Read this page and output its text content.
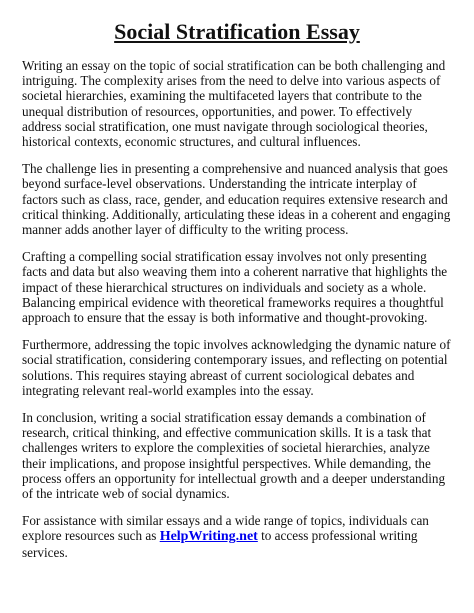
Social Stratification Essay

Writing an essay on the topic of social stratification can be both challenging and intriguing. The complexity arises from the need to delve into various aspects of societal hierarchies, examining the multifaceted layers that contribute to the unequal distribution of resources, opportunities, and power. To effectively address social stratification, one must navigate through sociological theories, historical contexts, economic structures, and cultural influences.

The challenge lies in presenting a comprehensive and nuanced analysis that goes beyond surface-level observations. Understanding the intricate interplay of factors such as class, race, gender, and education requires extensive research and critical thinking. Additionally, articulating these ideas in a coherent and engaging manner adds another layer of difficulty to the writing process.

Crafting a compelling social stratification essay involves not only presenting facts and data but also weaving them into a coherent narrative that highlights the impact of these hierarchical structures on individuals and society as a whole. Balancing empirical evidence with theoretical frameworks requires a thoughtful approach to ensure that the essay is both informative and thought-provoking.

Furthermore, addressing the topic involves acknowledging the dynamic nature of social stratification, considering contemporary issues, and reflecting on potential solutions. This requires staying abreast of current sociological debates and integrating relevant real-world examples into the essay.

In conclusion, writing a social stratification essay demands a combination of research, critical thinking, and effective communication skills. It is a task that challenges writers to explore the complexities of societal hierarchies, analyze their implications, and propose insightful perspectives. While demanding, the process offers an opportunity for intellectual growth and a deeper understanding of the intricate web of social dynamics.

For assistance with similar essays and a wide range of topics, individuals can explore resources such as HelpWriting.net to access professional writing services.
